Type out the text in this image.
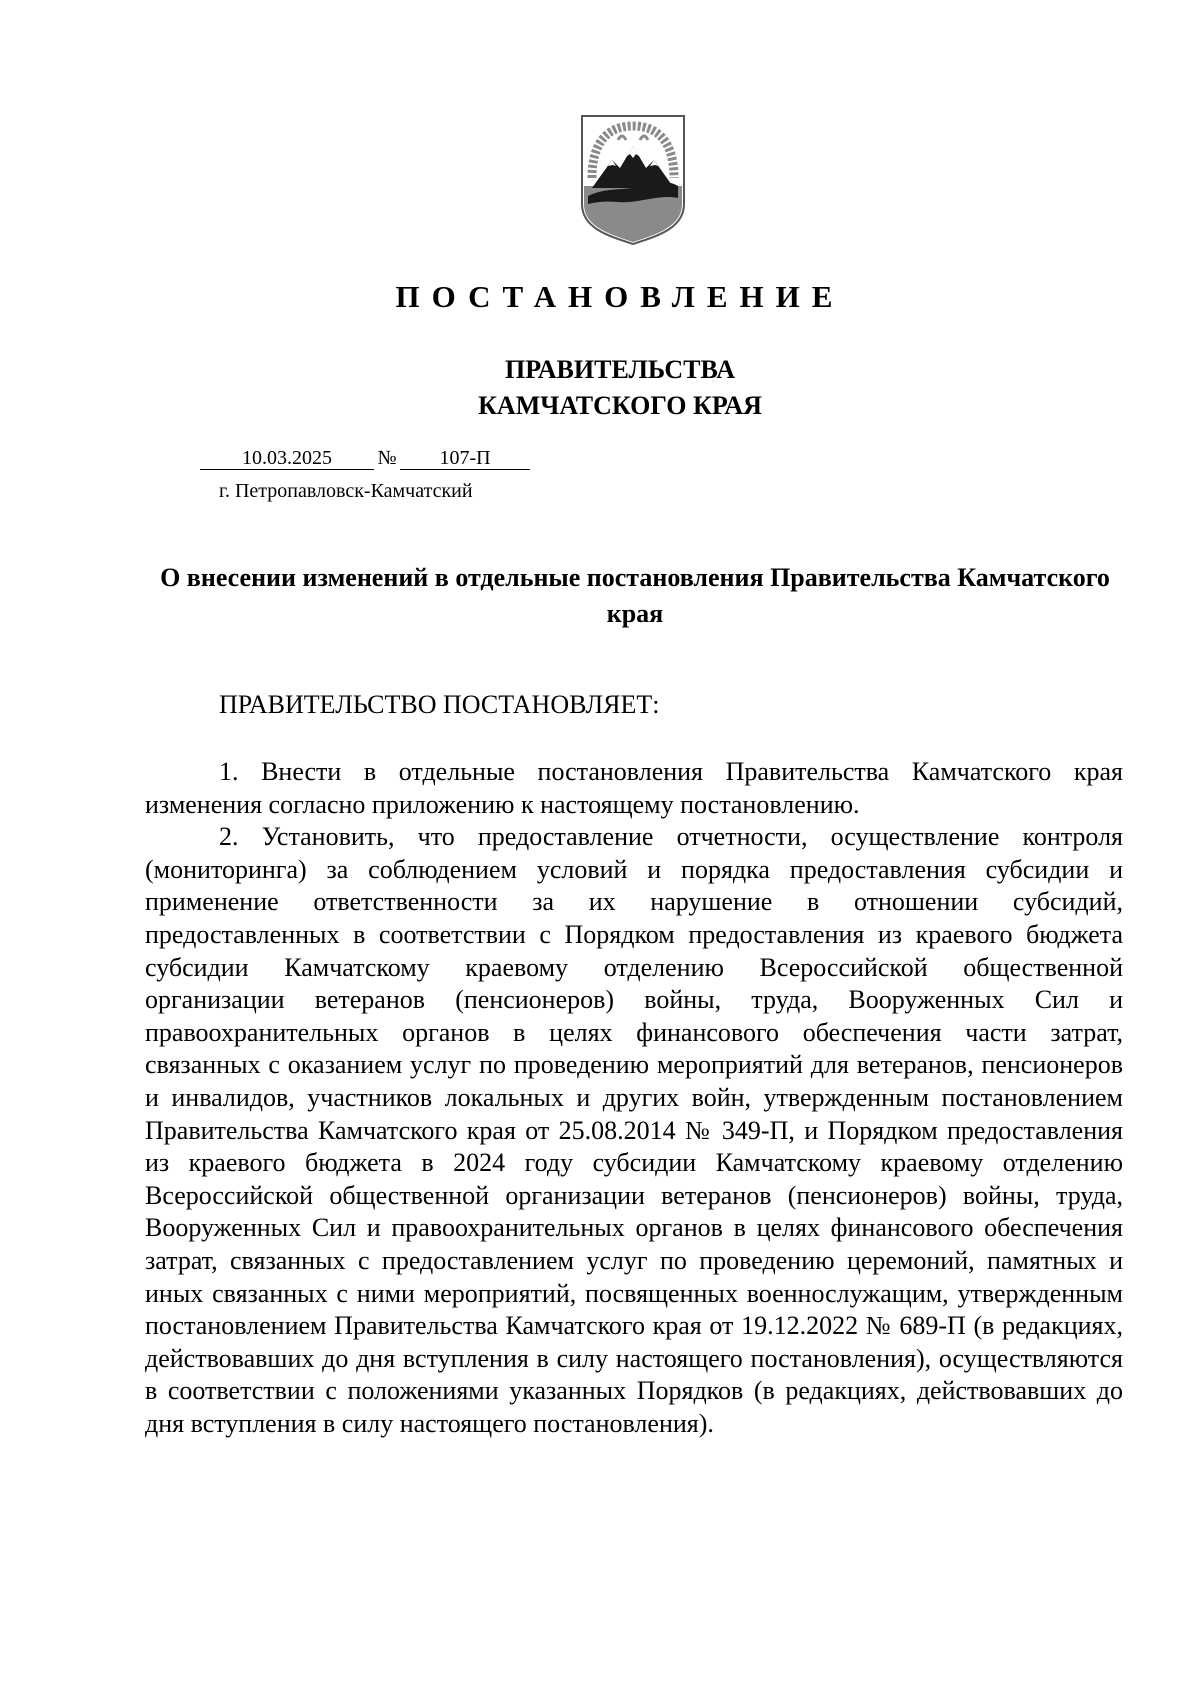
ПОСТАНОВЛЕНИЕ
ПРАВИТЕЛЬСТВА
КАМЧАТСКОГО КРАЯ
10.03.2025 № 107-П
г. Петропавловск-Камчатский
О внесении изменений в отдельные постановления Правительства Камчатского края
ПРАВИТЕЛЬСТВО ПОСТАНОВЛЯЕТ:

1. Внести в отдельные постановления Правительства Камчатского края изменения согласно приложению к настоящему постановлению.

2. Установить, что предоставление отчетности, осуществление контроля (мониторинга) за соблюдением условий и порядка предоставления субсидии и применение ответственности за их нарушение в отношении субсидий, предоставленных в соответствии с Порядком предоставления из краевого бюджета субсидии Камчатскому краевому отделению Всероссийской общественной организации ветеранов (пенсионеров) войны, труда, Вооруженных Сил и правоохранительных органов в целях финансового обеспечения части затрат, связанных с оказанием услуг по проведению мероприятий для ветеранов, пенсионеров и инвалидов, участников локальных и других войн, утвержденным постановлением Правительства Камчатского края от 25.08.2014 № 349-П, и Порядком предоставления из краевого бюджета в 2024 году субсидии Камчатскому краевому отделению Всероссийской общественной организации ветеранов (пенсионеров) войны, труда, Вооруженных Сил и правоохранительных органов в целях финансового обеспечения затрат, связанных с предоставлением услуг по проведению церемоний, памятных и иных связанных с ними мероприятий, посвященных военнослужащим, утвержденным постановлением Правительства Камчатского края от 19.12.2022 № 689-П (в редакциях, действовавших до дня вступления в силу настоящего постановления), осуществляются в соответствии с положениями указанных Порядков (в редакциях, действовавших до дня вступления в силу настоящего постановления).
